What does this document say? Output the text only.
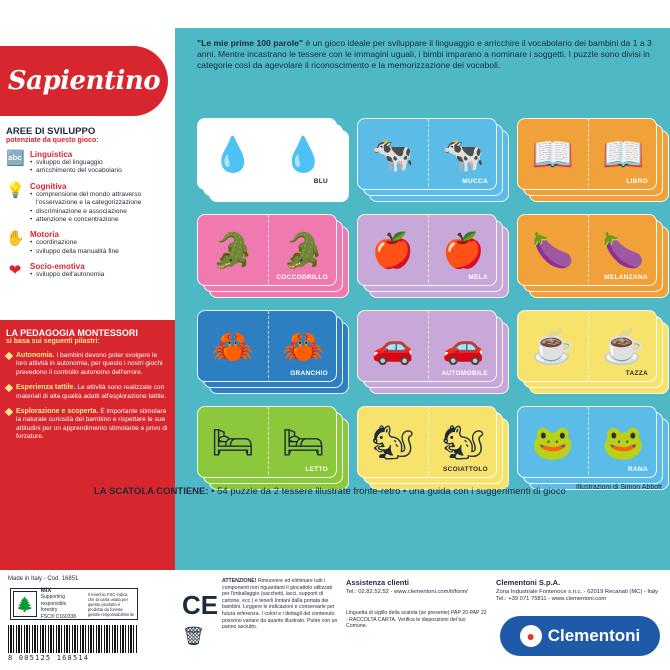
Sapientino
AREE DI SVILUPPO
potenziate da questo gioco:
🔤 Linguistica
• sviluppo del linguaggio
• arricchimento del vocabolario
💡 Cognitiva
• comprensione del mondo attraverso l'osservazione e la categorizzazione
• discriminazione e associazione
• attenzione e concentrazione
✋ Motoria
• coordinazione
• sviluppo della manualità fine
❤	Socio-emotiva
• sviluppo dell'autonomia
LA PEDAGOGIA MONTESSORI
si basa sui seguenti pilastri:
Autonomia. I bambini devono poter svolgere le loro attività in autonomia, per questo i nostri giochi prevedono il controllo autonomo dell'errore.
Esperienza tattile. Le attività sono realizzate con materiali di alta qualità adatti all'esplorazione tattile.
Esplorazione e scoperta. È importante stimolare la naturale curiosità del bambino e rispettare le sue attitudini per un apprendimento stimolante e privo di forzature.
"Le mie prime 100 parole" è un gioco ideale per sviluppare il linguaggio e arricchire il vocabolario dei bambini da 1 a 3 anni. Mentre incastrano le tessere con le immagini uguali, i bimbi imparano a nominare i soggetti. I puzzle sono divisi in categorie così da agevolare il riconoscimento e la memorizzazione dei vocaboli.
💧 💧
BLU
🐄 🐄
MUCCA
📖 📖
LIBRO
🐊 🐊
COCCODRILLO
🍎 🍎
MELA
🍆 🍆
MELANZANA
🦀 🦀
GRANCHIO
🚗 🚗
AUTOMOBILE
☕ ☕
TAZZA
🛏 🛏
LETTO
🐿 🐿
SCOIATTOLO
🐸 🐸
RANA
Illustrazioni di Simon Abbott
LA SCATOLA CONTIENE: • 54 puzzle da 2 tessere illustrate fronte-retro • una guida con i suggerimenti di gioco
Made in Italy - Cod. 16851
🌲
MIX
Supporting
responsible forestry
FSC® C160338
Il marchio FSC indica che la carta usata per questo prodotto è prodotta da foreste gestite responsabilmente
8 005125 168514
CE
🗑
ATTENZIONE! Rimuovere ed eliminare tutti i componenti non riguardanti il giocattolo utilizzati per l'imballaggio (sacchetti, lacci, supporti di cartone, ecc.) e tenerli lontani dalla portata dei bambini. Leggere le indicazioni e conservarle per futura referenza. I colori e i dettagli del contenuto possono variare da quanto illustrato. Pulire con un panno asciutto.
Assistenza clienti

Tel.: 02.82.52.52 - www.clementoni.com/it/form/

Linguetta di sigillo della scatola (se presente) PAP 20 PAP 22 - RACCOLTA CARTA. Verifica le disposizioni del tuo Comune.
Clementoni S.p.A.

Zona Industriale Fontenoce s.n.c. - 62019 Recanati (MC) - Italy Tel.: +39 071 75811 - www.clementoni.com

● Clementoni
